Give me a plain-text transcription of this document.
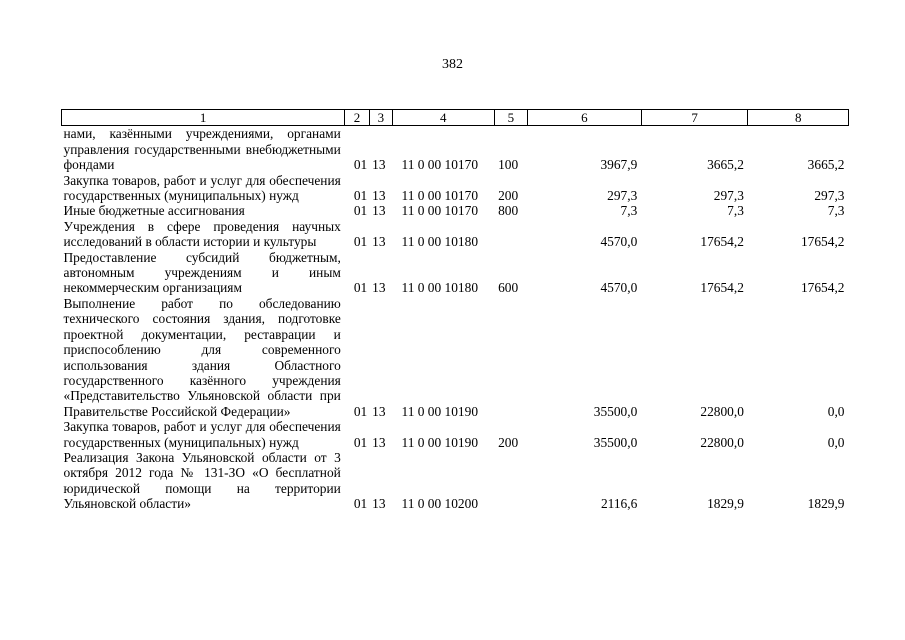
382
1	2	3	4	5	6	7	8
нами, казёнными учреждениями, органами управления государственными внебюджетными фондами	01	13	11 0 00 10170	100	3967,9	3665,2	3665,2
Закупка товаров, работ и услуг для обеспечения государственных (муниципальных) нужд	01	13	11 0 00 10170	200	297,3	297,3	297,3
Иные бюджетные ассигнования	01	13	11 0 00 10170	800	7,3	7,3	7,3
Учреждения в сфере проведения научных исследований в области истории и культуры	01	13	11 0 00 10180		4570,0	17654,2	17654,2
Предоставление субсидий бюджетным, автономным учреждениям и иным некоммерческим организациям	01	13	11 0 00 10180	600	4570,0	17654,2	17654,2
Выполнение работ по обследованию технического состояния здания, подготовке проектной документации, реставрации и приспособлению для современного использования здания Областного государственного казённого учреждения «Представительство Ульяновской области при Правительстве Российской Федерации»	01	13	11 0 00 10190		35500,0	22800,0	0,0
Закупка товаров, работ и услуг для обеспечения государственных (муниципальных) нужд	01	13	11 0 00 10190	200	35500,0	22800,0	0,0
Реализация Закона Ульяновской области от 3 октября 2012 года № 131-ЗО «О бесплатной юридической помощи на территории Ульяновской области»	01	13	11 0 00 10200		2116,6	1829,9	1829,9
